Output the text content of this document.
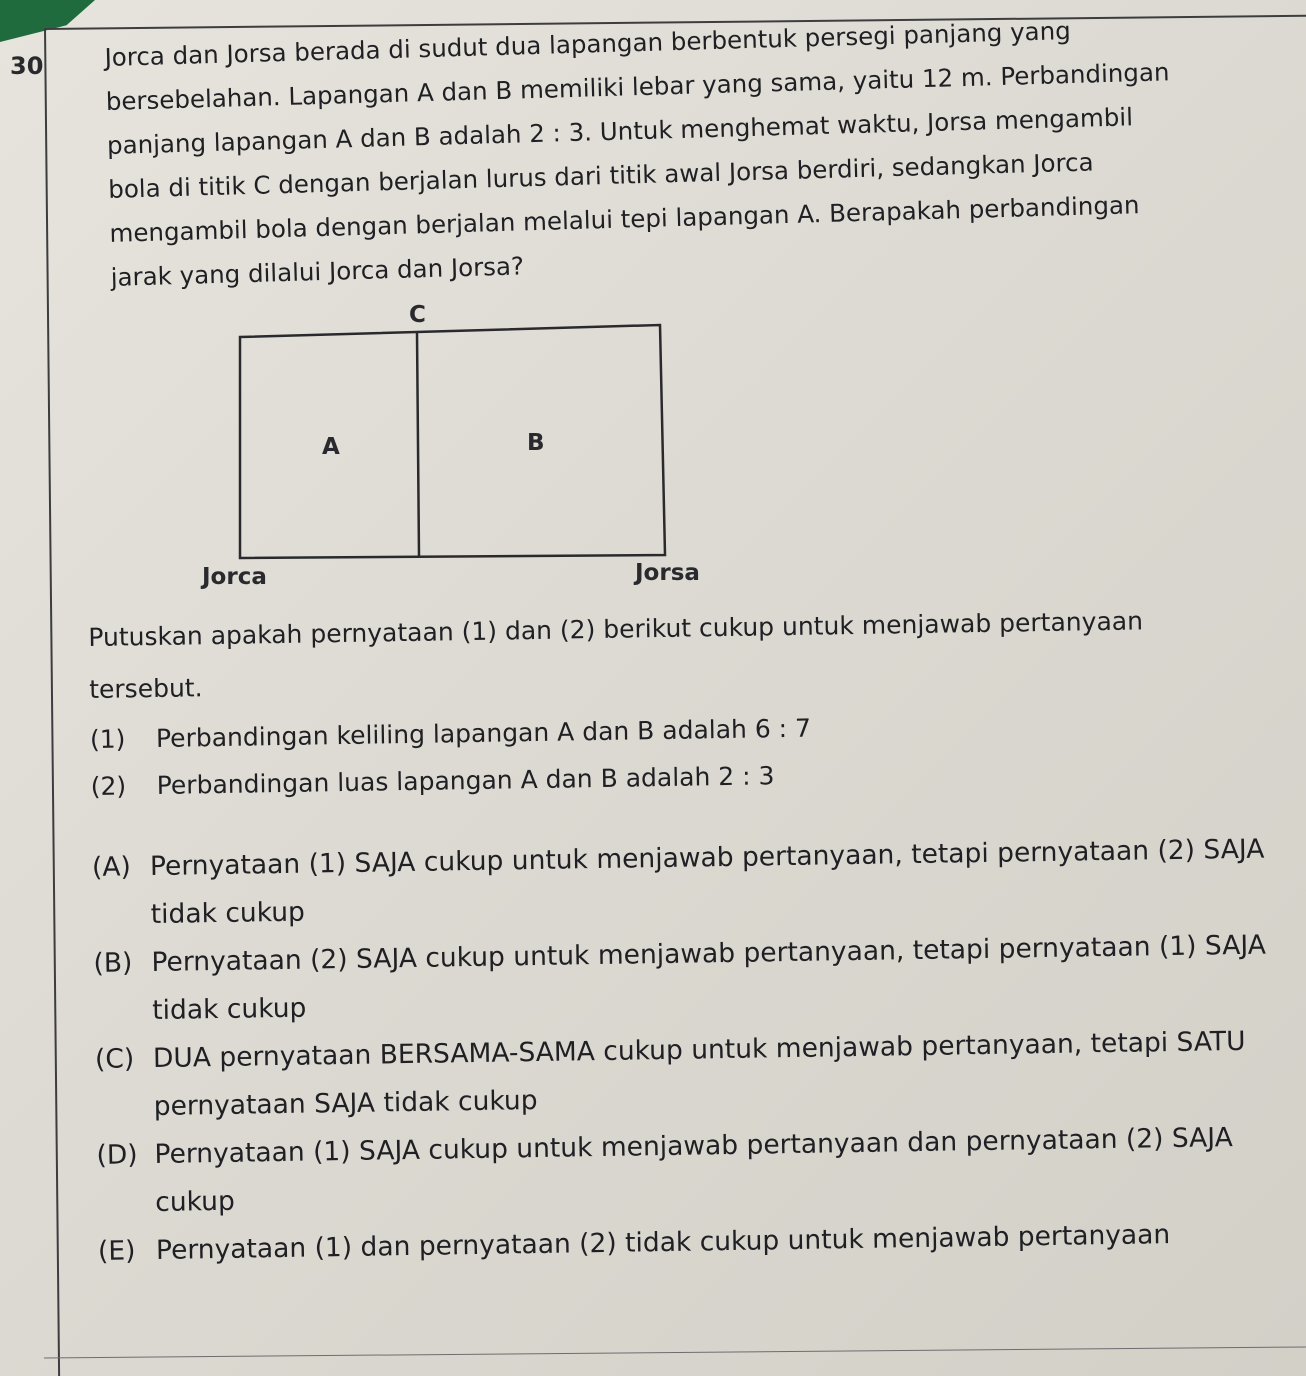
30 Jorca dan Jorsa berada di sudut dua lapangan berbentuk persegi panjang yang

bersebelahan. Lapangan A dan B memiliki lebar yang sama, yaitu 12 m. Perbandingan

panjang lapangan A dan B adalah 2 : 3. Untuk menghemat waktu, Jorsa mengambil

bola di titik C dengan berjalan lurus dari titik awal Jorsa berdiri, sedangkan Jorca

mengambil bola dengan berjalan melalui tepi lapangan A. Berapakah perbandingan

jarak yang dilalui Jorca dan Jorsa?

C
A	B
Jorca	Jorsa

Putuskan apakah pernyataan (1) dan (2) berikut cukup untuk menjawab pertanyaan

tersebut.

(1)	Perbandingan keliling lapangan A dan B adalah 6 : 7
(2)	Perbandingan luas lapangan A dan B adalah 2 : 3
(A) Pernyataan (1) SAJA cukup untuk menjawab pertanyaan, tetapi pernyataan (2) SAJA tidak cukup
(B) Pernyataan (2) SAJA cukup untuk menjawab pertanyaan, tetapi pernyataan (1) SAJA tidak cukup
(C) DUA pernyataan BERSAMA-SAMA cukup untuk menjawab pertanyaan, tetapi SATU pernyataan SAJA tidak cukup
(D) Pernyataan (1) SAJA cukup untuk menjawab pertanyaan dan pernyataan (2) SAJA cukup
(E) Pernyataan (1) dan pernyataan (2) tidak cukup untuk menjawab pertanyaan
